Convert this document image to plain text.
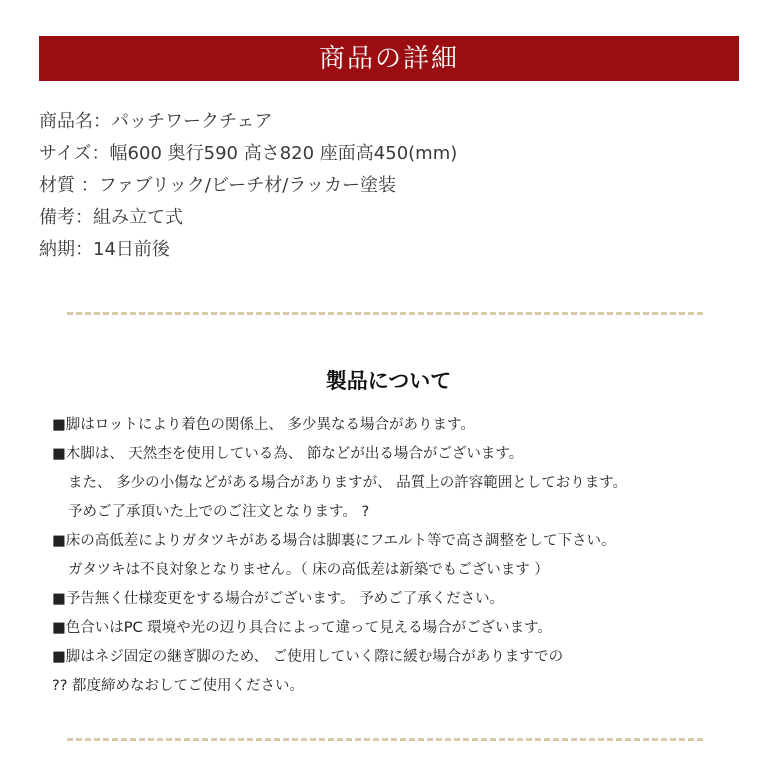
商品の詳細
商品名：パッチワークチェア
サイズ：幅600 奥行590 高さ820 座面高450(mm)
材質 ：ファブリック/ビーチ材/ラッカー塗装
備考：組み立て式
納期：14日前後
製品について
■脚はロットにより着色の関係上、 多少異なる場合があります。
■木脚は、 天然杢を使用している為、 節などが出る場合がございます。
また、 多少の小傷などがある場合がありますが、 品質上の許容範囲としております。
予めご了承頂いた上でのご注文となります。 ?
■床の高低差によりガタツキがある場合は脚裏にフエルト等で高さ調整をして下さい。
ガタツキは不良対象となりません。（ 床の高低差は新築でもございます ）
■予告無く仕様変更をする場合がございます。 予めご了承ください。
■色合いはPC 環境や光の辺り具合によって違って見える場合がございます。
■脚はネジ固定の継ぎ脚のため、 ご使用していく際に緩む場合がありますでの
?? 都度締めなおしてご使用ください。
